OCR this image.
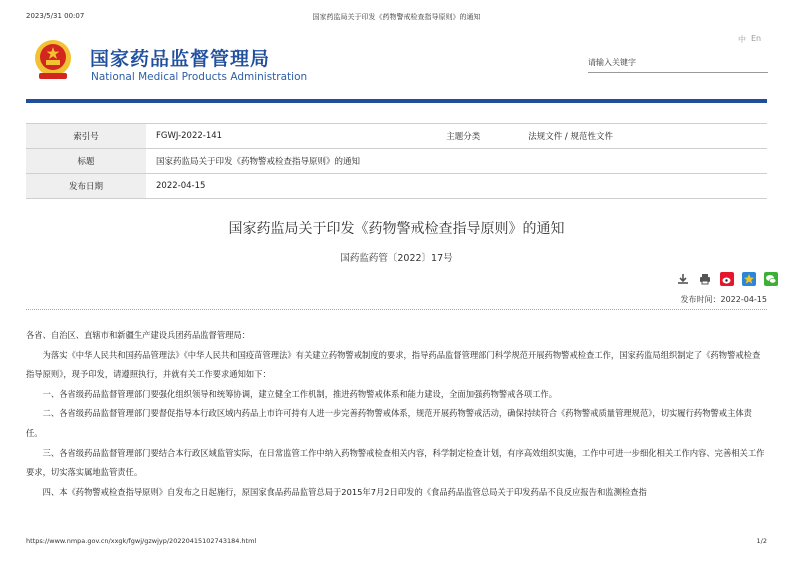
2023/5/31 00:07	国家药监局关于印发《药物警戒检查指导原则》的通知
国家药品监督管理局
National Medical Products Administration
中 En
请输入关键字
索引号	FGWJ-2022-141	主题分类	法规文件 / 规范性文件
标题	国家药监局关于印发《药物警戒检查指导原则》的通知		
发布日期	2022-04-15		
国家药监局关于印发《药物警戒检查指导原则》的通知
国药监药管〔2022〕17号

发布时间：2022-04-15

各省、自治区、直辖市和新疆生产建设兵团药品监督管理局：

为落实《中华人民共和国药品管理法》《中华人民共和国疫苗管理法》有关建立药物警戒制度的要求，指导药品监督管理部门科学规范开展药物警戒检查工作，国家药监局组织制定了《药物警戒检查指导原则》，现予印发，请遵照执行，并就有关工作要求通知如下：

一、各省级药品监督管理部门要强化组织领导和统筹协调，建立健全工作机制，推进药物警戒体系和能力建设，全面加强药物警戒各项工作。

二、各省级药品监督管理部门要督促指导本行政区域内药品上市许可持有人进一步完善药物警戒体系，规范开展药物警戒活动，确保持续符合《药物警戒质量管理规范》，切实履行药物警戒主体责任。

三、各省级药品监督管理部门要结合本行政区域监管实际，在日常监管工作中纳入药物警戒检查相关内容，科学制定检查计划，有序高效组织实施，工作中可进一步细化相关工作内容、完善相关工作要求，切实落实属地监管责任。

四、本《药物警戒检查指导原则》自发布之日起施行，原国家食品药品监管总局于2015年7月2日印发的《食品药品监管总局关于印发药品不良反应报告和监测检查指

https://www.nmpa.gov.cn/xxgk/fgwj/gzwjyp/20220415102743184.html	1/2
